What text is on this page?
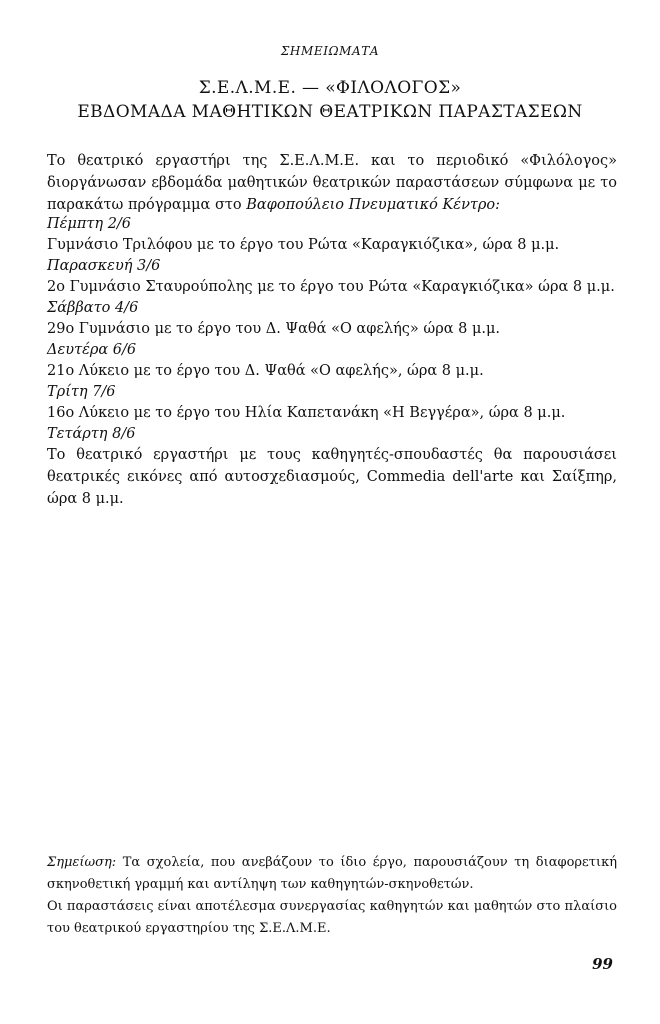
ΣΗΜΕΙΩΜΑΤΑ
Σ.Ε.Λ.Μ.Ε. — «ΦΙΛΟΛΟΓΟΣ»
ΕΒΔΟΜΑΔΑ ΜΑΘΗΤΙΚΩΝ ΘΕΑΤΡΙΚΩΝ ΠΑΡΑΣΤΑΣΕΩΝ
Το θεατρικό εργαστήρι της Σ.Ε.Λ.Μ.Ε. και το περιοδικό «Φιλόλογος» διοργάνωσαν εβδομάδα μαθητικών θεατρικών παραστάσεων σύμφωνα με το παρακάτω πρόγραμμα στο Βαφοπούλειο Πνευματικό Κέντρο:
Πέμπτη 2/6
Γυμνάσιο Τριλόφου με το έργο του Ρώτα «Καραγκιόζικα», ώρα 8 μ.μ.
Παρασκευή 3/6
2ο Γυμνάσιο Σταυρούπολης με το έργο του Ρώτα «Καραγκιόζικα» ώρα 8 μ.μ.
Σάββατο 4/6
29ο Γυμνάσιο με το έργο του Δ. Ψαθά «Ο αφελής» ώρα 8 μ.μ.
Δευτέρα 6/6
21ο Λύκειο με το έργο του Δ. Ψαθά «Ο αφελής», ώρα 8 μ.μ.
Τρίτη 7/6
16ο Λύκειο με το έργο του Ηλία Καπετανάκη «Η Βεγγέρα», ώρα 8 μ.μ.
Τετάρτη 8/6
Το θεατρικό εργαστήρι με τους καθηγητές-σπουδαστές θα παρουσιάσει θεατρικές εικόνες από αυτοσχεδιασμούς, Commedia dell'arte και Σαίξπηρ, ώρα 8 μ.μ.

Σημείωση: Τα σχολεία, που ανεβάζουν το ίδιο έργο, παρουσιάζουν τη διαφορετική σκηνοθετική γραμμή και αντίληψη των καθηγητών-σκηνοθετών.

Οι παραστάσεις είναι αποτέλεσμα συνεργασίας καθηγητών και μαθητών στο πλαίσιο του θεατρικού εργαστηρίου της Σ.Ε.Λ.Μ.Ε.

99
